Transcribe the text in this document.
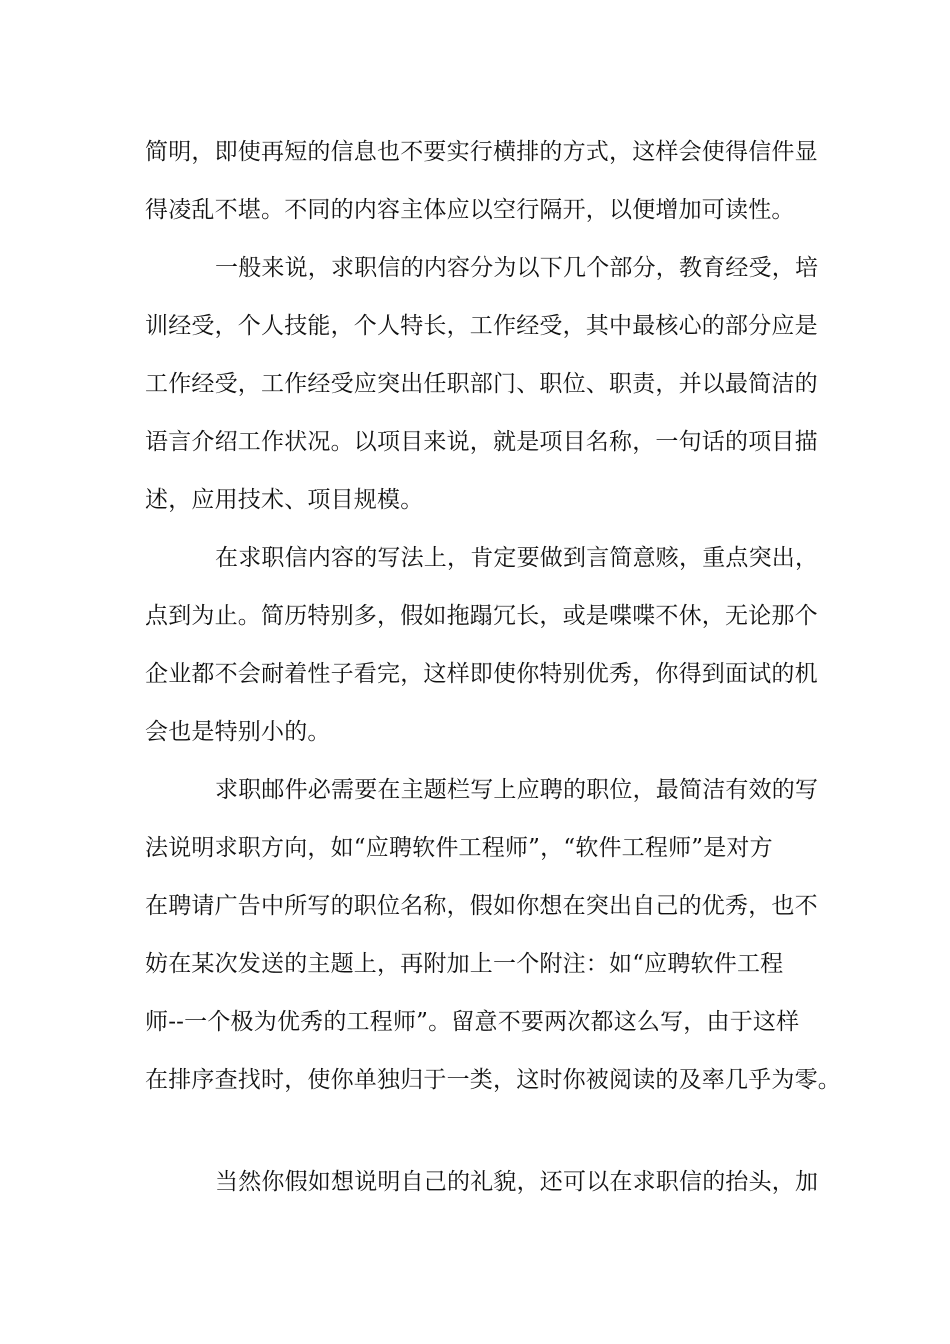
简明，即使再短的信息也不要实行横排的方式，这样会使得信件显
得凌乱不堪。不同的内容主体应以空行隔开，以便增加可读性。
一般来说，求职信的内容分为以下几个部分，教育经受，培
训经受，个人技能，个人特长，工作经受，其中最核心的部分应是
工作经受，工作经受应突出任职部门、职位、职责，并以最简洁的
语言介绍工作状况。以项目来说，就是项目名称，一句话的项目描
述，应用技术、项目规模。
在求职信内容的写法上，肯定要做到言简意赅，重点突出，
点到为止。简历特别多，假如拖蹋冗长，或是喋喋不休，无论那个
企业都不会耐着性子看完，这样即使你特别优秀，你得到面试的机
会也是特别小的。
求职邮件必需要在主题栏写上应聘的职位，最简洁有效的写
法说明求职方向，如“应聘软件工程师”，“软件工程师”是对方
在聘请广告中所写的职位名称，假如你想在突出自己的优秀，也不
妨在某次发送的主题上，再附加上一个附注：如“应聘软件工程
师--一个极为优秀的工程师”。留意不要两次都这么写，由于这样
在排序查找时，使你单独归于一类，这时你被阅读的及率几乎为零。
当然你假如想说明自己的礼貌，还可以在求职信的抬头，加
